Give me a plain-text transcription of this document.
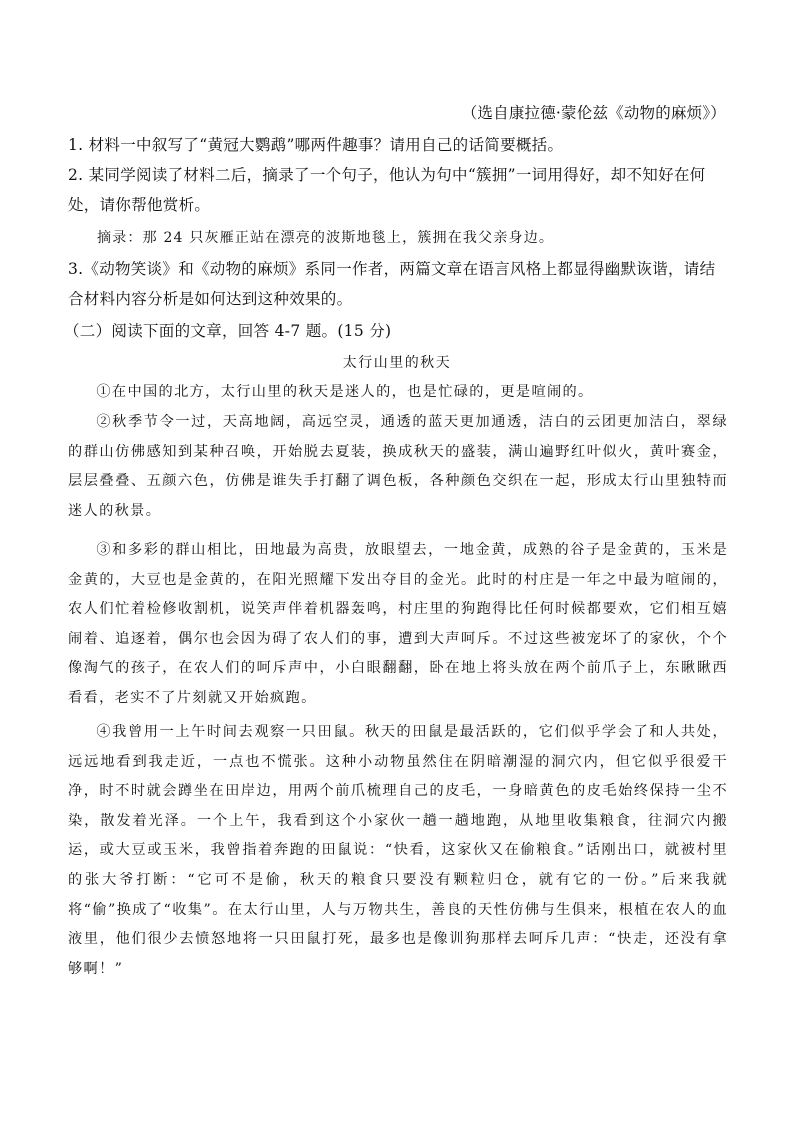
（选自康拉德·蒙伦兹《动物的麻烦》）
1. 材料一中叙写了“黄冠大鹦鹉”哪两件趣事？请用自己的话简要概括。
2. 某同学阅读了材料二后，摘录了一个句子，他认为句中“簇拥”一词用得好，却不知好在何处，请你帮他赏析。
摘录：那 24 只灰雁正站在漂亮的波斯地毯上，簇拥在我父亲身边。
3.《动物笑谈》和《动物的麻烦》系同一作者，两篇文章在语言风格上都显得幽默诙谐，请结合材料内容分析是如何达到这种效果的。
（二）阅读下面的文章，回答 4-7 题。(15 分)
太行山里的秋天
①在中国的北方，太行山里的秋天是迷人的，也是忙碌的，更是喧闹的。
②秋季节令一过，天高地阔，高远空灵，通透的蓝天更加通透，洁白的云团更加洁白，翠绿的群山仿佛感知到某种召唤，开始脱去夏装，换成秋天的盛装，满山遍野红叶似火，黄叶赛金，层层叠叠、五颜六色，仿佛是谁失手打翻了调色板，各种颜色交织在一起，形成太行山里独特而迷人的秋景。
③和多彩的群山相比，田地最为高贵，放眼望去，一地金黄，成熟的谷子是金黄的，玉米是金黄的，大豆也是金黄的，在阳光照耀下发出夺目的金光。此时的村庄是一年之中最为喧闹的，农人们忙着检修收割机，说笑声伴着机器轰鸣，村庄里的狗跑得比任何时候都要欢，它们相互嬉闹着、追逐着，偶尔也会因为碍了农人们的事，遭到大声呵斥。不过这些被宠坏了的家伙，个个像淘气的孩子，在农人们的呵斥声中，小白眼翻翻，卧在地上将头放在两个前爪子上，东瞅瞅西看看，老实不了片刻就又开始疯跑。
④我曾用一上午时间去观察一只田鼠。秋天的田鼠是最活跃的，它们似乎学会了和人共处，远远地看到我走近，一点也不慌张。这种小动物虽然住在阴暗潮湿的洞穴内，但它似乎很爱干净，时不时就会蹲坐在田岸边，用两个前爪梳理自己的皮毛，一身暗黄色的皮毛始终保持一尘不染，散发着光泽。一个上午，我看到这个小家伙一趟一趟地跑，从地里收集粮食，往洞穴内搬运，或大豆或玉米，我曾指着奔跑的田鼠说：“快看，这家伙又在偷粮食。”话刚出口，就被村里的张大爷打断：“它可不是偷，秋天的粮食只要没有颗粒归仓，就有它的一份。”后来我就将“偷”换成了“收集”。在太行山里，人与万物共生，善良的天性仿佛与生俱来，根植在农人的血液里，他们很少去愤怒地将一只田鼠打死，最多也是像训狗那样去呵斥几声：“快走，还没有拿够啊！”
